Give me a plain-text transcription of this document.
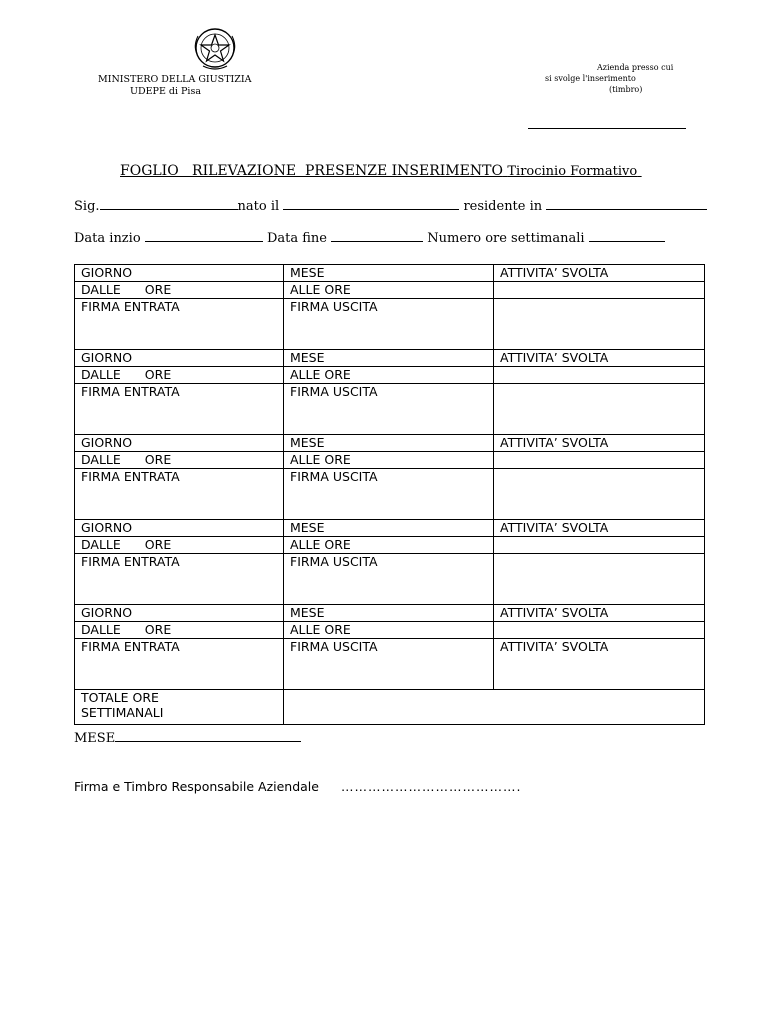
MINISTERO DELLA GIUSTIZIA
UDEPE di Pisa
Azienda presso cui
si svolge l'inserimento
(timbro)
FOGLIO   RILEVAZIONE  PRESENZE INSERIMENTO Tirocinio Formativo
Sig.	nato il	residente in
Data inzio	Data fine	Numero ore settimanali
GIORNO	MESE	ATTIVITA’ SVOLTA
DALLE ORE	ALLE ORE	
FIRMA ENTRATA	FIRMA USCITA	
GIORNO	MESE	ATTIVITA’ SVOLTA
DALLE ORE	ALLE ORE	
FIRMA ENTRATA	FIRMA USCITA	
GIORNO	MESE	ATTIVITA’ SVOLTA
DALLE ORE	ALLE ORE	
FIRMA ENTRATA	FIRMA USCITA	
GIORNO	MESE	ATTIVITA’ SVOLTA
DALLE ORE	ALLE ORE	
FIRMA ENTRATA	FIRMA USCITA	
GIORNO	MESE	ATTIVITA’ SVOLTA
DALLE ORE	ALLE ORE	
FIRMA ENTRATA	FIRMA USCITA	ATTIVITA’ SVOLTA
TOTALE ORE
SETTIMANALI		
MESE
Firma e Timbro Responsabile Aziendale ………………………………….
